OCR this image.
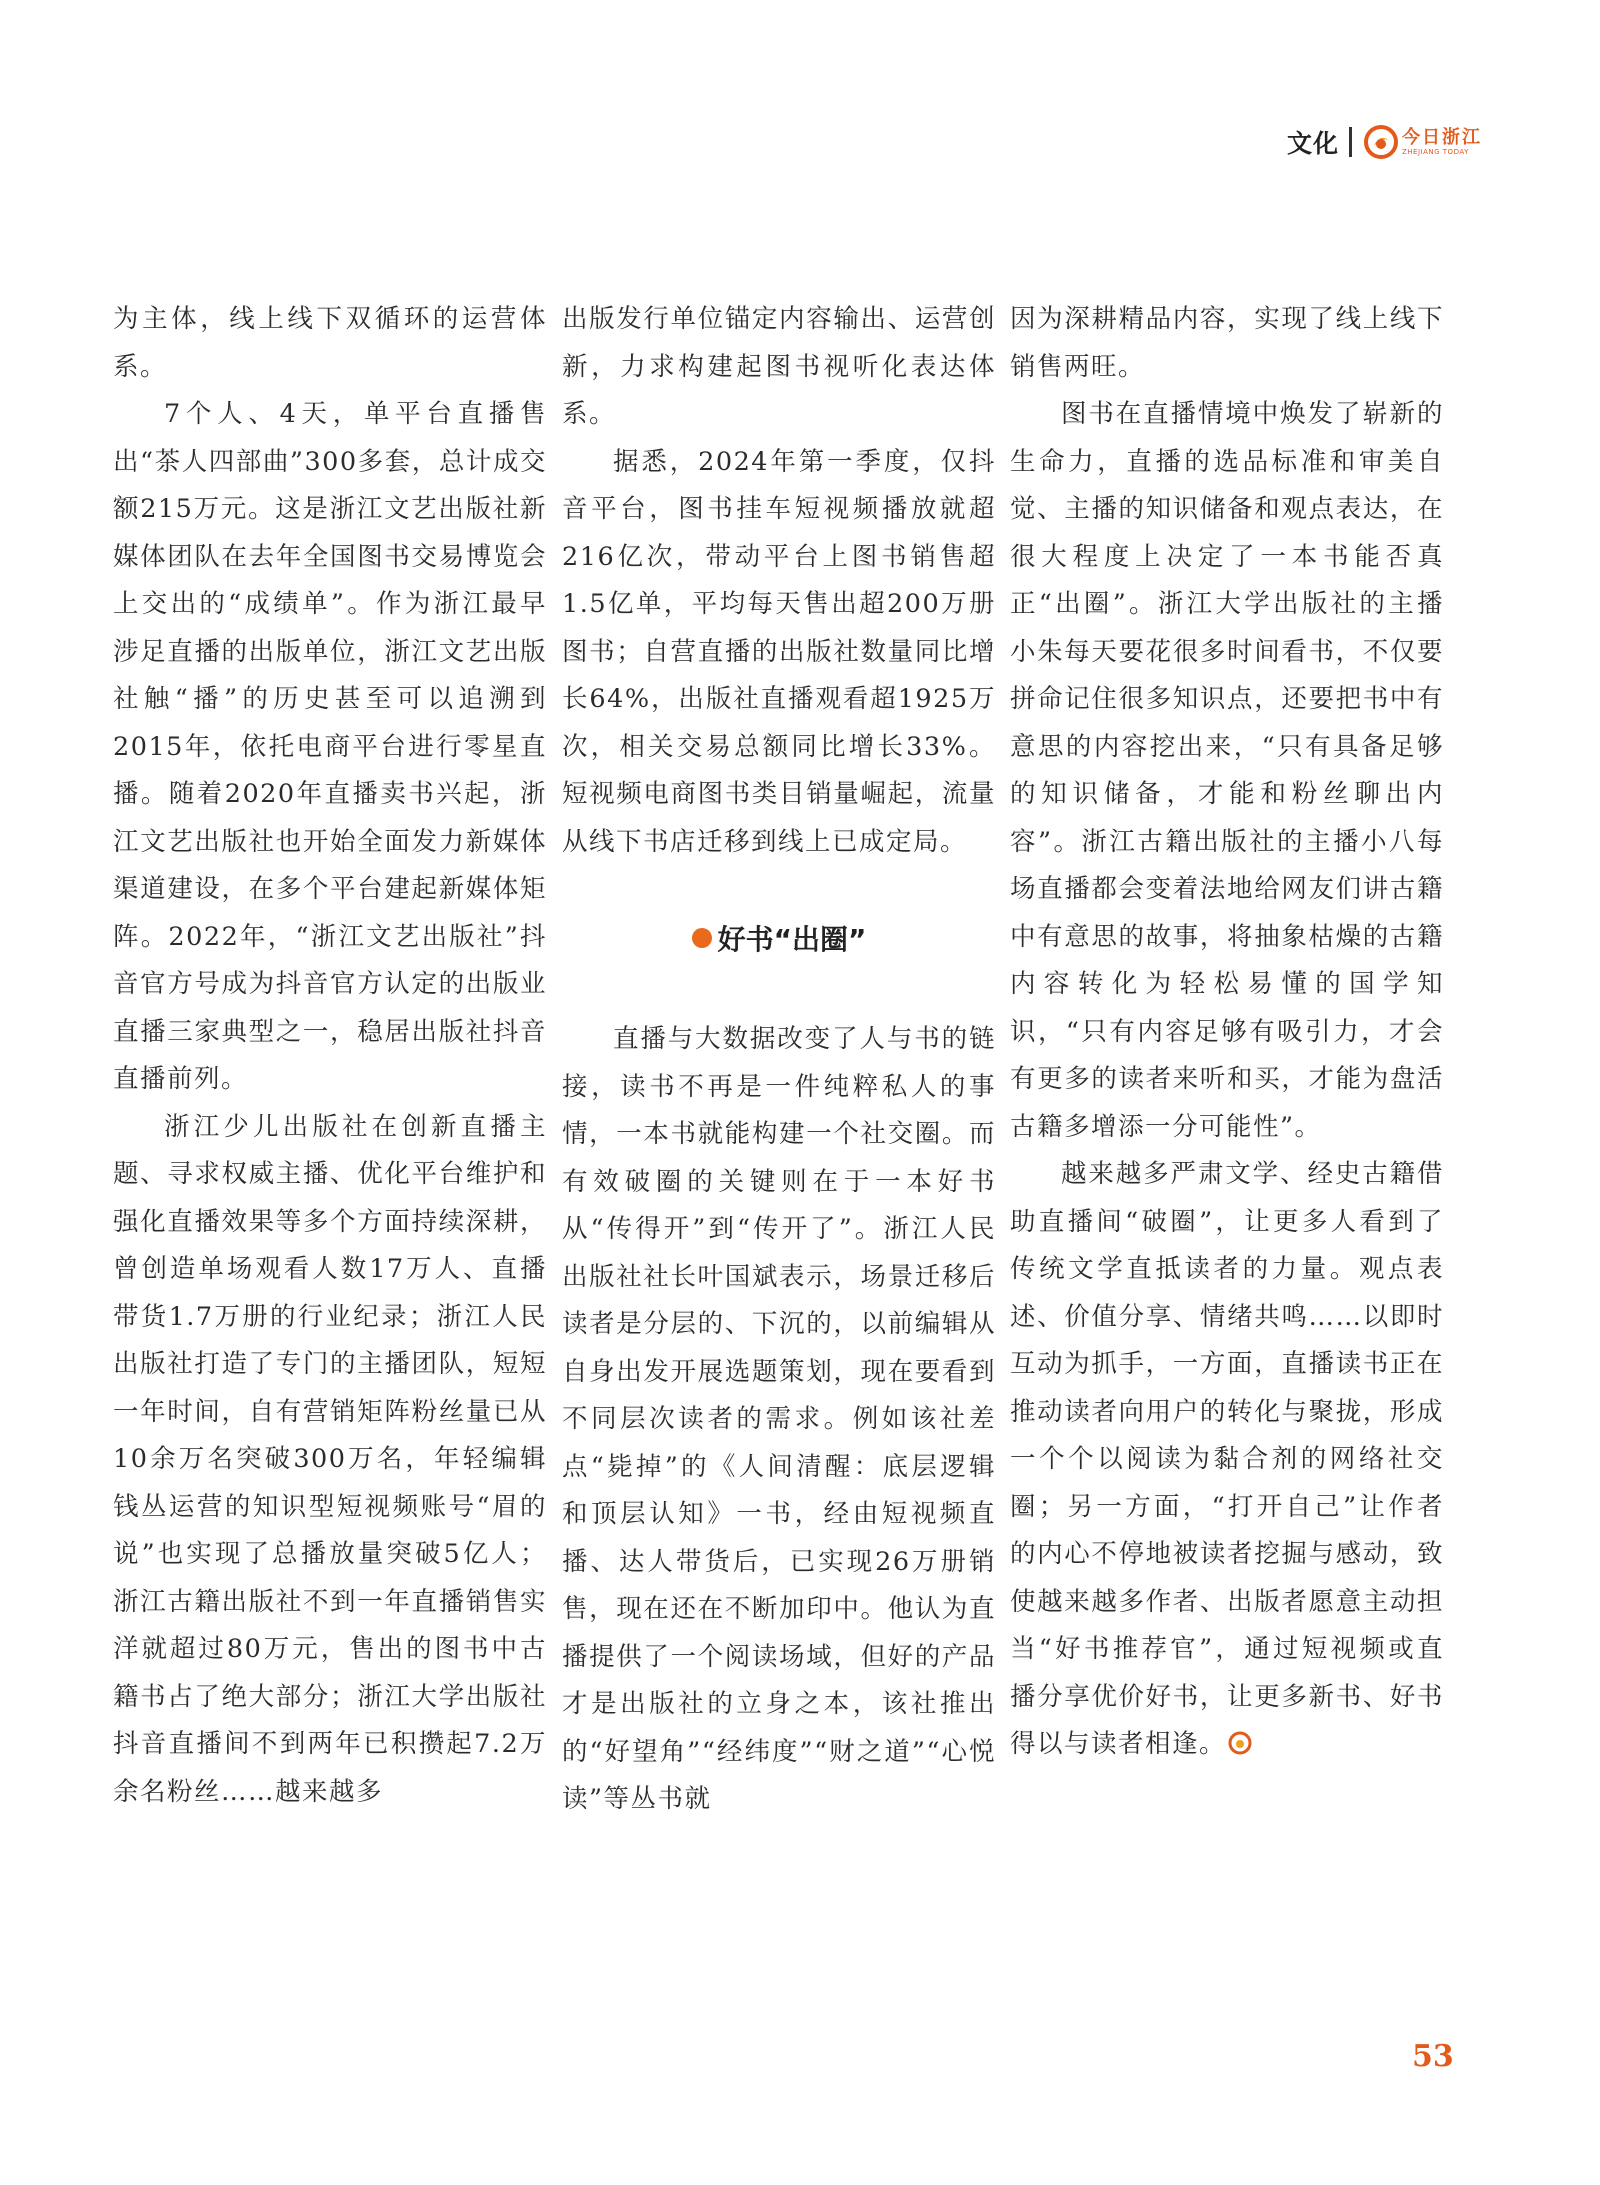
文化	今日浙江
ZHEJIANG TODAY

为主体，线上线下双循环的运营体系。

7个人、4天，单平台直播售出“茶人四部曲”300多套，总计成交额215万元。这是浙江文艺出版社新媒体团队在去年全国图书交易博览会上交出的“成绩单”。作为浙江最早涉足直播的出版单位，浙江文艺出版社触“播”的历史甚至可以追溯到2015年，依托电商平台进行零星直播。随着2020年直播卖书兴起，浙江文艺出版社也开始全面发力新媒体渠道建设，在多个平台建起新媒体矩阵。2022年，“浙江文艺出版社”抖音官方号成为抖音官方认定的出版业直播三家典型之一，稳居出版社抖音直播前列。

浙江少儿出版社在创新直播主题、寻求权威主播、优化平台维护和强化直播效果等多个方面持续深耕，曾创造单场观看人数17万人、直播带货1.7万册的行业纪录；浙江人民出版社打造了专门的主播团队，短短一年时间，自有营销矩阵粉丝量已从10余万名突破300万名，年轻编辑钱丛运营的知识型短视频账号“眉的说”也实现了总播放量突破5亿人；浙江古籍出版社不到一年直播销售实洋就超过80万元，售出的图书中古籍书占了绝大部分；浙江大学出版社抖音直播间不到两年已积攒起7.2万余名粉丝……越来越多

出版发行单位锚定内容输出、运营创新，力求构建起图书视听化表达体系。

据悉，2024年第一季度，仅抖音平台，图书挂车短视频播放就超216亿次，带动平台上图书销售超1.5亿单，平均每天售出超200万册图书；自营直播的出版社数量同比增长64%，出版社直播观看超1925万次，相关交易总额同比增长33%。短视频电商图书类目销量崛起，流量从线下书店迁移到线上已成定局。

好书“出圈”

直播与大数据改变了人与书的链接，读书不再是一件纯粹私人的事情，一本书就能构建一个社交圈。而有效破圈的关键则在于一本好书从“传得开”到“传开了”。浙江人民出版社社长叶国斌表示，场景迁移后读者是分层的、下沉的，以前编辑从自身出发开展选题策划，现在要看到不同层次读者的需求。例如该社差点“毙掉”的《人间清醒：底层逻辑和顶层认知》一书，经由短视频直播、达人带货后，已实现26万册销售，现在还在不断加印中。他认为直播提供了一个阅读场域，但好的产品才是出版社的立身之本，该社推出的“好望角”“经纬度”“财之道”“心悦读”等丛书就

因为深耕精品内容，实现了线上线下销售两旺。

图书在直播情境中焕发了崭新的生命力，直播的选品标准和审美自觉、主播的知识储备和观点表达，在很大程度上决定了一本书能否真正“出圈”。浙江大学出版社的主播小朱每天要花很多时间看书，不仅要拼命记住很多知识点，还要把书中有意思的内容挖出来，“只有具备足够的知识储备，才能和粉丝聊出内容”。浙江古籍出版社的主播小八每场直播都会变着法地给网友们讲古籍中有意思的故事，将抽象枯燥的古籍内容转化为轻松易懂的国学知识，“只有内容足够有吸引力，才会有更多的读者来听和买，才能为盘活古籍多增添一分可能性”。

越来越多严肃文学、经史古籍借助直播间“破圈”，让更多人看到了传统文学直抵读者的力量。观点表述、价值分享、情绪共鸣……以即时互动为抓手，一方面，直播读书正在推动读者向用户的转化与聚拢，形成一个个以阅读为黏合剂的网络社交圈；另一方面，“打开自己”让作者的内心不停地被读者挖掘与感动，致使越来越多作者、出版者愿意主动担当“好书推荐官”，通过短视频或直播分享优价好书，让更多新书、好书得以与读者相逢。

53
